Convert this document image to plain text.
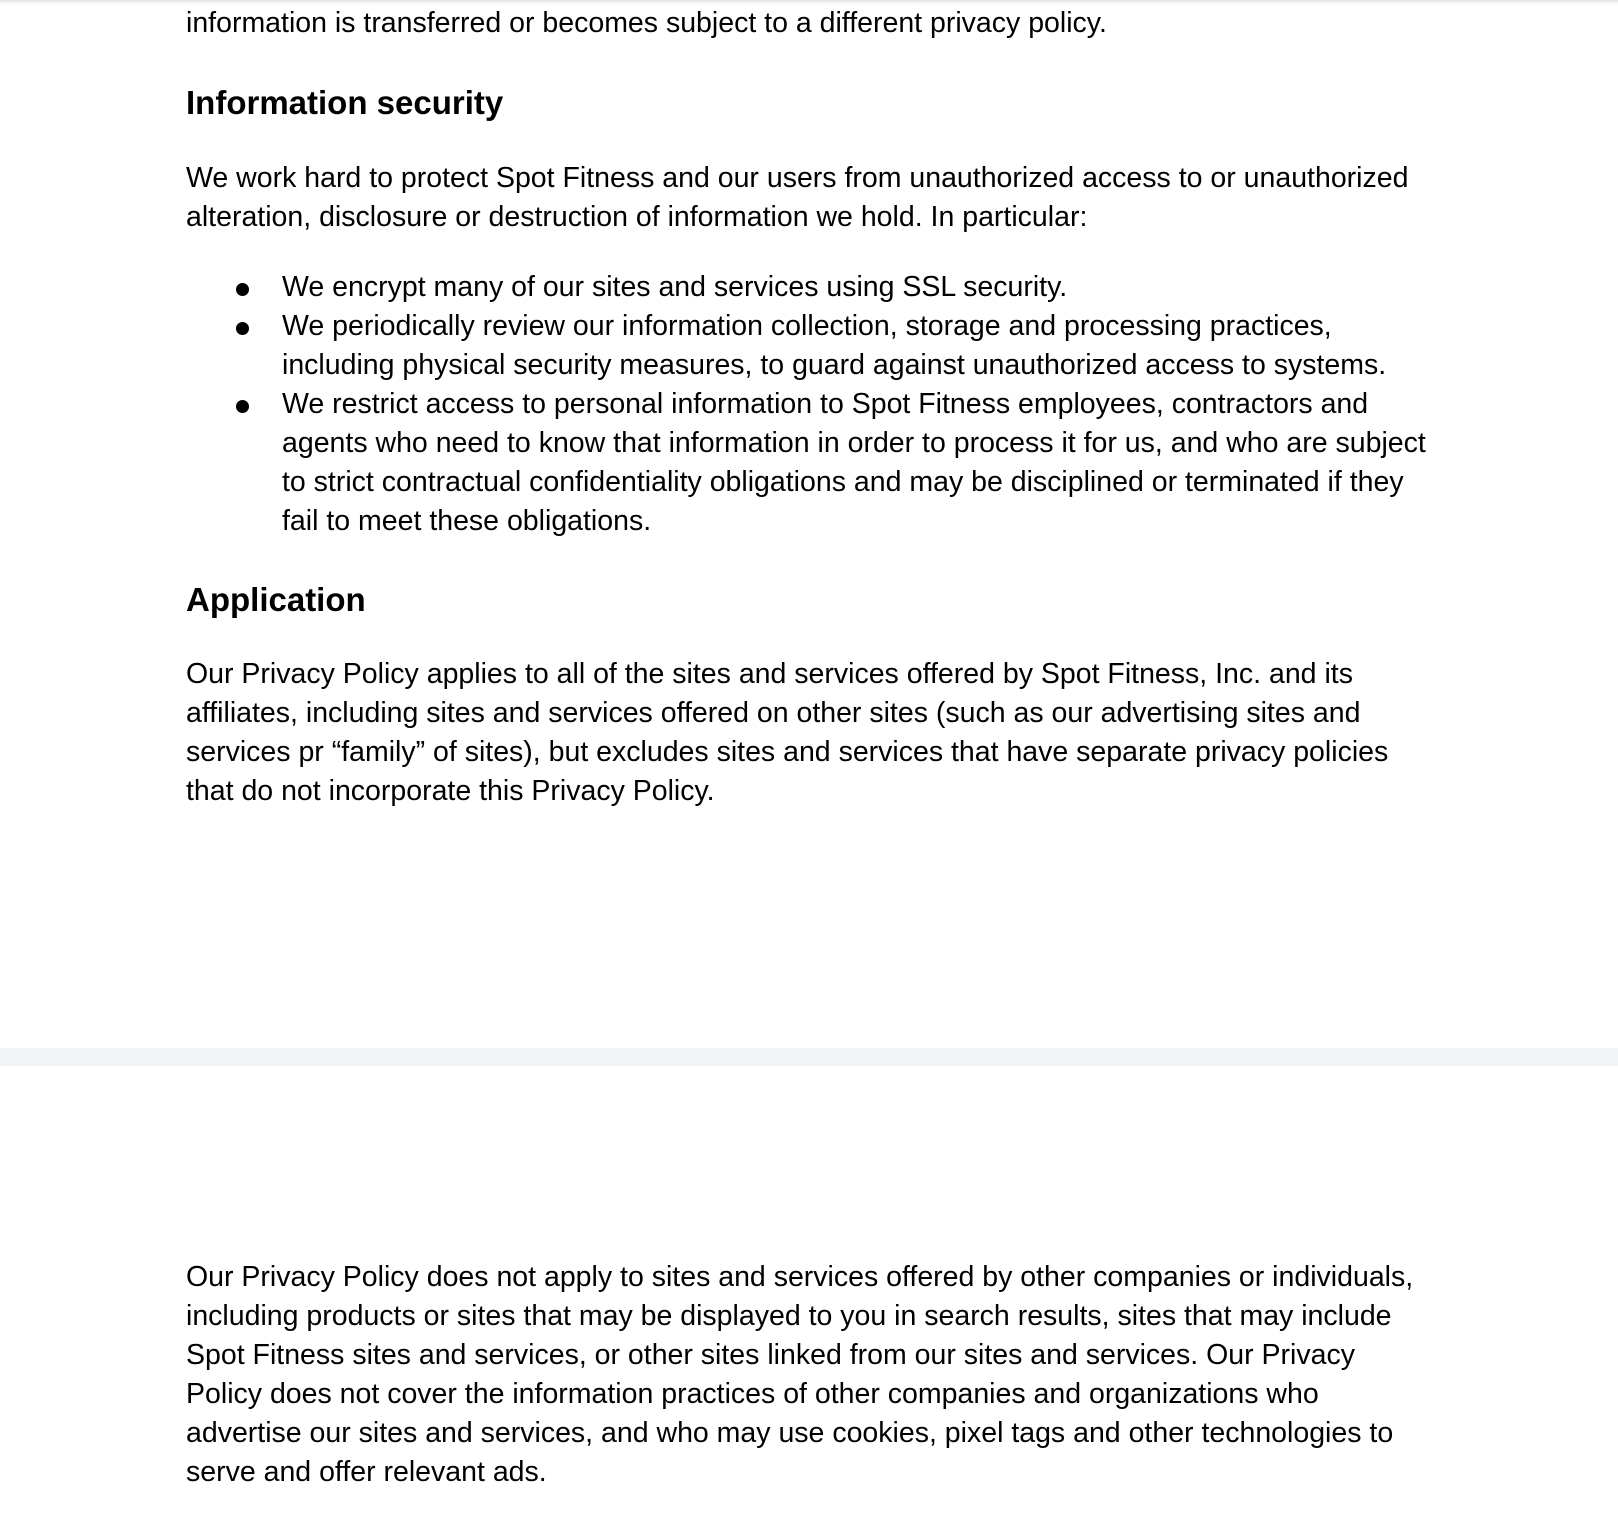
information is transferred or becomes subject to a different privacy policy.

Information security

We work hard to protect Spot Fitness and our users from unauthorized access to or unauthorized alteration, disclosure or destruction of information we hold. In particular:

We encrypt many of our sites and services using SSL security.
We periodically review our information collection, storage and processing practices, including physical security measures, to guard against unauthorized access to systems.
We restrict access to personal information to Spot Fitness employees, contractors and agents who need to know that information in order to process it for us, and who are subject to strict contractual confidentiality obligations and may be disciplined or terminated if they fail to meet these obligations.
Application

Our Privacy Policy applies to all of the sites and services offered by Spot Fitness, Inc. and its affiliates, including sites and services offered on other sites (such as our advertising sites and services pr “family” of sites), but excludes sites and services that have separate privacy policies that do not incorporate this Privacy Policy.

Our Privacy Policy does not apply to sites and services offered by other companies or individuals, including products or sites that may be displayed to you in search results, sites that may include Spot Fitness sites and services, or other sites linked from our sites and services. Our Privacy Policy does not cover the information practices of other companies and organizations who advertise our sites and services, and who may use cookies, pixel tags and other technologies to serve and offer relevant ads.
